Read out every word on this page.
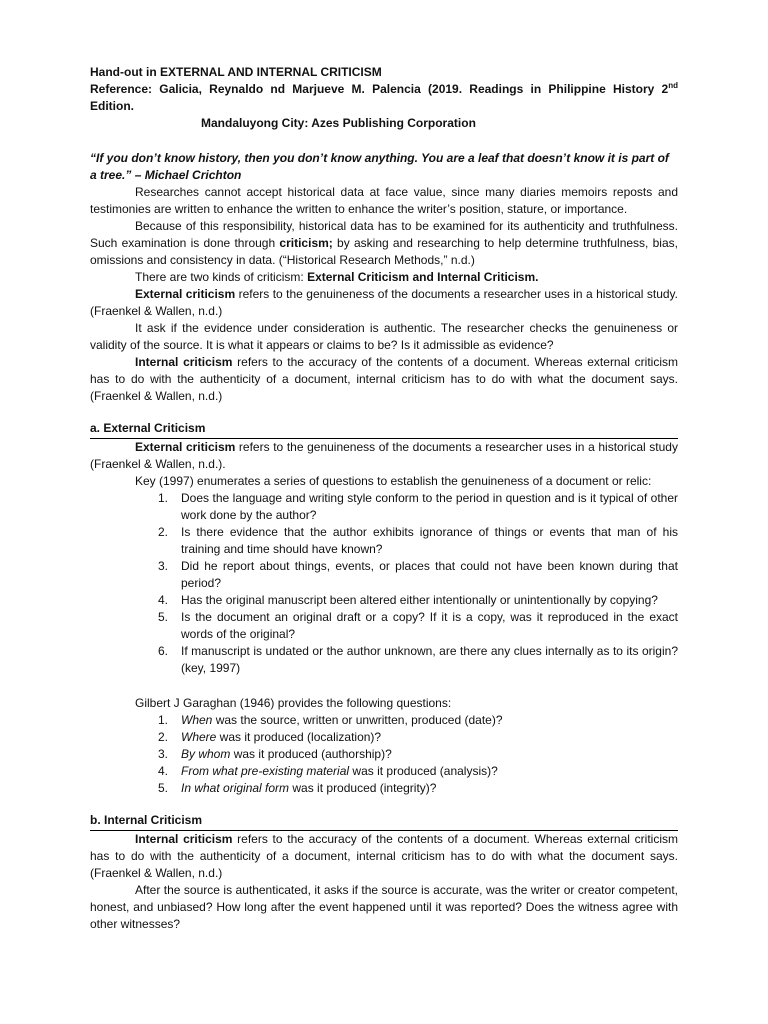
Hand-out in EXTERNAL AND INTERNAL CRITICISM

Reference: Galicia, Reynaldo nd Marjueve M. Palencia (2019. Readings in Philippine History 2nd Edition.

Mandaluyong City: Azes Publishing Corporation

“If you don’t know history, then you don’t know anything. You are a leaf that doesn’t know it is part of a tree.” – Michael Crichton

Researches cannot accept historical data at face value, since many diaries memoirs reposts and testimonies are written to enhance the written to enhance the writer’s position, stature, or importance.

Because of this responsibility, historical data has to be examined for its authenticity and truthfulness. Such examination is done through criticism; by asking and researching to help determine truthfulness, bias, omissions and consistency in data. (“Historical Research Methods,” n.d.)

There are two kinds of criticism: External Criticism and Internal Criticism.

External criticism refers to the genuineness of the documents a researcher uses in a historical study. (Fraenkel & Wallen, n.d.)

It ask if the evidence under consideration is authentic. The researcher checks the genuineness or validity of the source. It is what it appears or claims to be? Is it admissible as evidence?

Internal criticism refers to the accuracy of the contents of a document. Whereas external criticism has to do with the authenticity of a document, internal criticism has to do with what the document says. (Fraenkel & Wallen, n.d.)

a. External Criticism

External criticism refers to the genuineness of the documents a researcher uses in a historical study (Fraenkel & Wallen, n.d.).

Key (1997) enumerates a series of questions to establish the genuineness of a document or relic:

1. Does the language and writing style conform to the period in question and is it typical of other work done by the author?
2. Is there evidence that the author exhibits ignorance of things or events that man of his training and time should have known?
3. Did he report about things, events, or places that could not have been known during that period?
4. Has the original manuscript been altered either intentionally or unintentionally by copying?
5. Is the document an original draft or a copy? If it is a copy, was it reproduced in the exact words of the original?
6. If manuscript is undated or the author unknown, are there any clues internally as to its origin? (key, 1997)

Gilbert J Garaghan (1946) provides the following questions:

1. When was the source, written or unwritten, produced (date)?
2. Where was it produced (localization)?
3. By whom was it produced (authorship)?
4. From what pre-existing material was it produced (analysis)?
5. In what original form was it produced (integrity)?
b. Internal Criticism

Internal criticism refers to the accuracy of the contents of a document. Whereas external criticism has to do with the authenticity of a document, internal criticism has to do with what the document says. (Fraenkel & Wallen, n.d.)

After the source is authenticated, it asks if the source is accurate, was the writer or creator competent, honest, and unbiased? How long after the event happened until it was reported? Does the witness agree with other witnesses?
